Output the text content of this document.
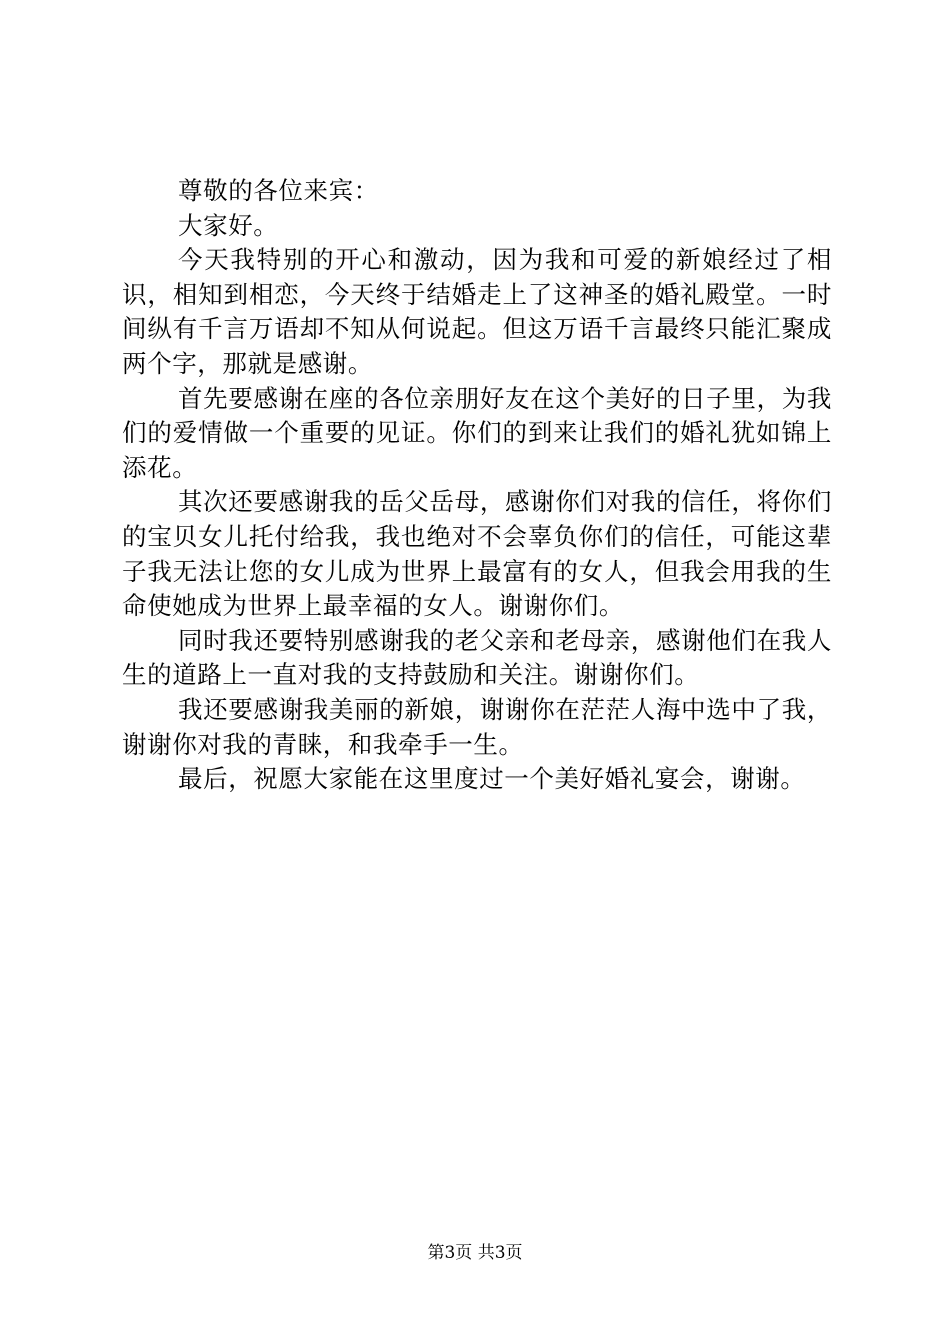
尊敬的各位来宾：

大家好。

今天我特别的开心和激动，因为我和可爱的新娘经过了相识，相知到相恋，今天终于结婚走上了这神圣的婚礼殿堂。一时间纵有千言万语却不知从何说起。但这万语千言最终只能汇聚成两个字，那就是感谢。

首先要感谢在座的各位亲朋好友在这个美好的日子里，为我们的爱情做一个重要的见证。你们的到来让我们的婚礼犹如锦上添花。

其次还要感谢我的岳父岳母，感谢你们对我的信任，将你们的宝贝女儿托付给我，我也绝对不会辜负你们的信任，可能这辈子我无法让您的女儿成为世界上最富有的女人，但我会用我的生命使她成为世界上最幸福的女人。谢谢你们。

同时我还要特别感谢我的老父亲和老母亲，感谢他们在我人生的道路上一直对我的支持鼓励和关注。谢谢你们。

我还要感谢我美丽的新娘，谢谢你在茫茫人海中选中了我，谢谢你对我的青睐，和我牵手一生。

最后，祝愿大家能在这里度过一个美好婚礼宴会，谢谢。

第3页 共3页
